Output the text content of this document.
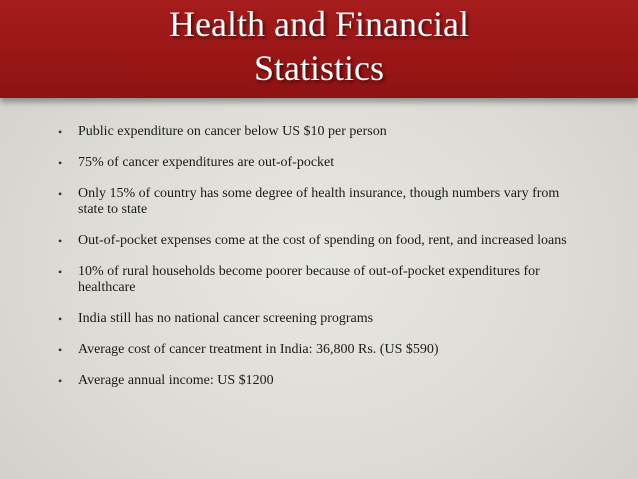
Health and Financial
Statistics
•	Public expenditure on cancer below US $10 per person
•	75% of cancer expenditures are out-of-pocket
•	Only 15% of country has some degree of health insurance, though numbers vary from state to state
•	Out-of-pocket expenses come at the cost of spending on food, rent, and increased loans
•	10% of rural households become poorer because of out-of-pocket expenditures for healthcare
•	India still has no national cancer screening programs
•	Average cost of cancer treatment in India: 36,800 Rs. (US $590)
•	Average annual income: US $1200
